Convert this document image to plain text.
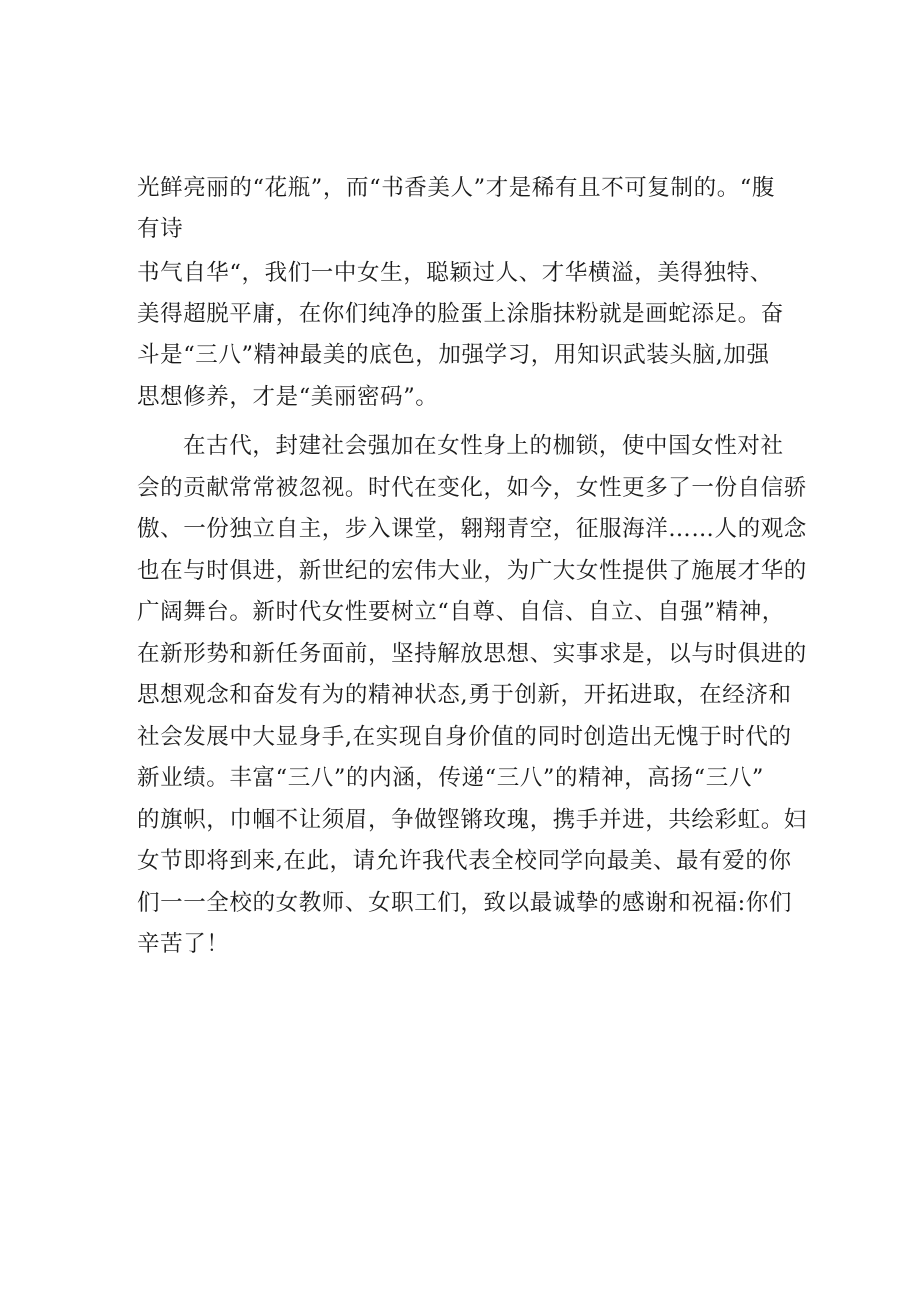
光鲜亮丽的“花瓶”，而“书香美人”才是稀有且不可复制的。“腹
有诗
书气自华“，我们一中女生，聪颖过人、才华横溢，美得独特、
美得超脱平庸，在你们纯净的脸蛋上涂脂抹粉就是画蛇添足。奋
斗是“三八”精神最美的底色，加强学习，用知识武装头脑,加强
思想修养，才是“美丽密码”。
在古代，封建社会强加在女性身上的枷锁，使中国女性对社
会的贡献常常被忽视。时代在变化，如今，女性更多了一份自信骄
傲、一份独立自主，步入课堂，翱翔青空，征服海洋……人的观念
也在与时俱进，新世纪的宏伟大业，为广大女性提供了施展才华的
广阔舞台。新时代女性要树立“自尊、自信、自立、自强”精神，
在新形势和新任务面前，坚持解放思想、实事求是，以与时俱进的
思想观念和奋发有为的精神状态,勇于创新，开拓进取，在经济和
社会发展中大显身手,在实现自身价值的同时创造出无愧于时代的
新业绩。丰富“三八”的内涵，传递“三八”的精神，高扬“三八”
的旗帜，巾帼不让须眉，争做铿锵玫瑰，携手并进，共绘彩虹。妇
女节即将到来,在此，请允许我代表全校同学向最美、最有爱的你
们一一全校的女教师、女职工们，致以最诚挚的感谢和祝福:你们
辛苦了！
